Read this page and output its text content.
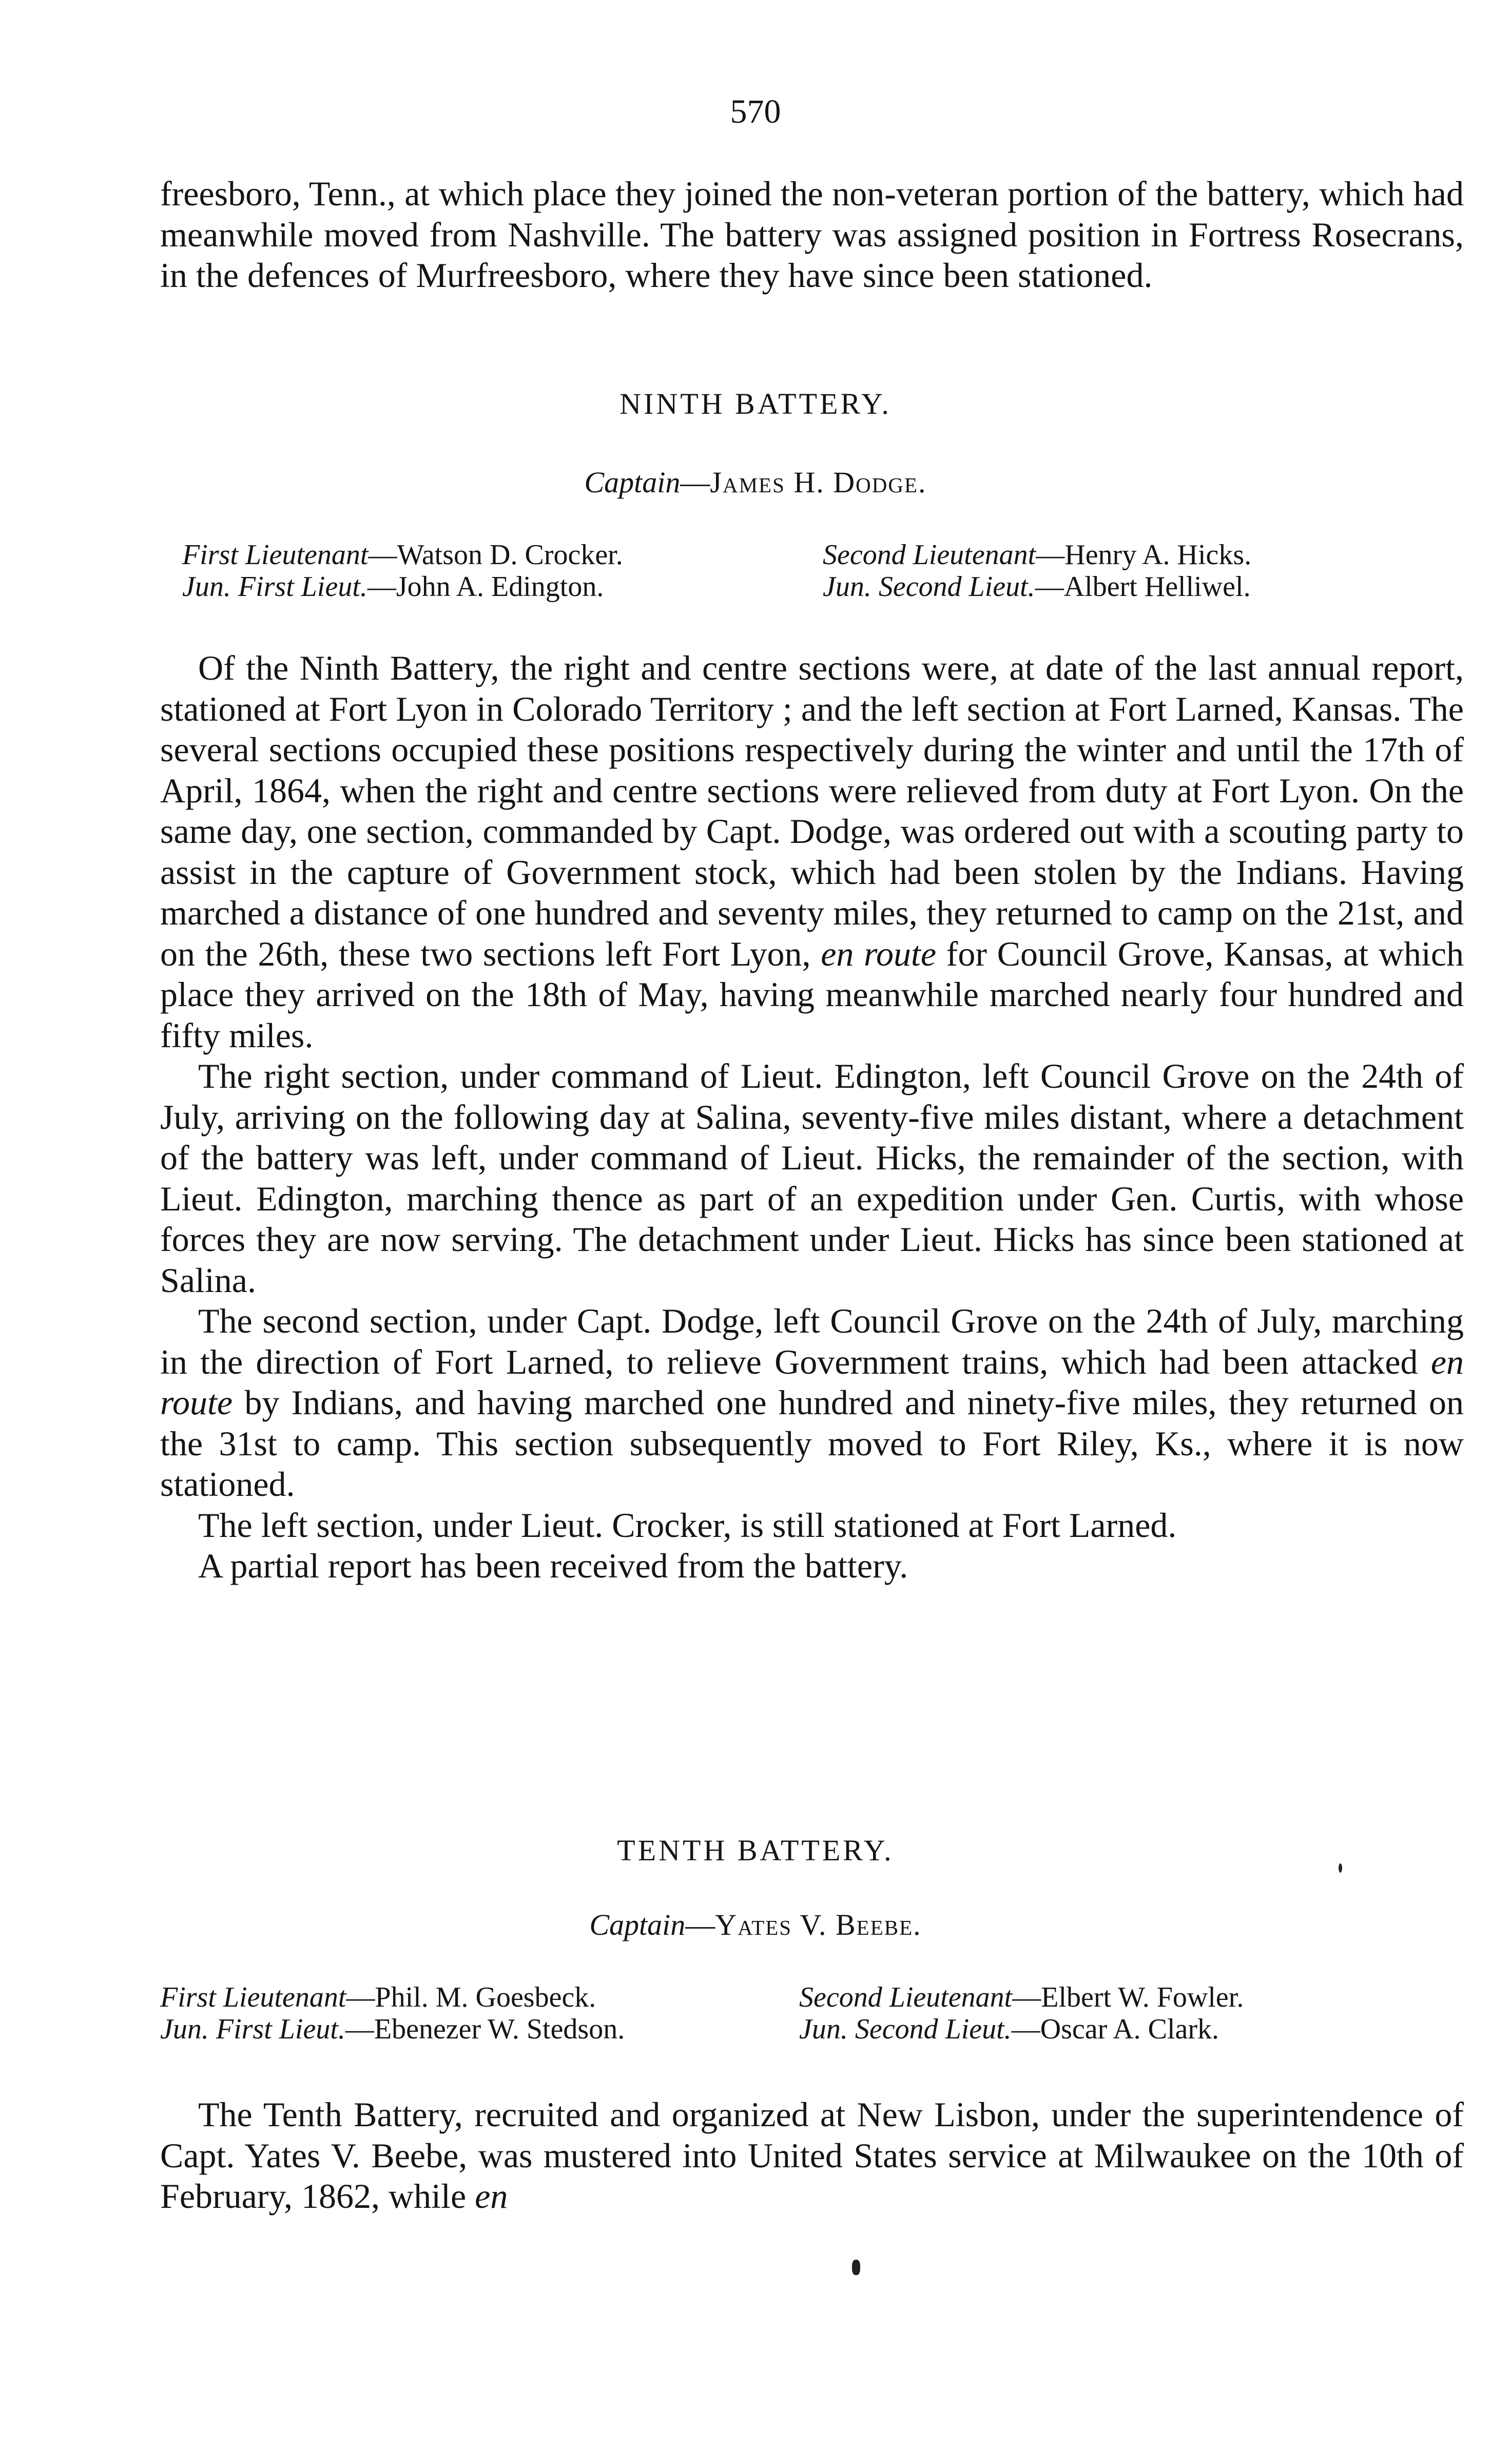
570

freesboro, Tenn., at which place they joined the non-veteran portion of the battery, which had meanwhile moved from Nashville. The battery was assigned position in Fortress Rosecrans, in the defences of Murfreesboro, where they have since been stationed.

NINTH BATTERY.
Captain—James H. Dodge.
First Lieutenant—Watson D. Crocker.	Second Lieutenant—Henry A. Hicks.
Jun. First Lieut.—John A. Edington.	Jun. Second Lieut.—Albert Helliwel.

Of the Ninth Battery, the right and centre sections were, at date of the last annual report, stationed at Fort Lyon in Colorado Territory ; and the left section at Fort Larned, Kansas. The several sections occupied these positions respectively during the winter and until the 17th of April, 1864, when the right and centre sections were relieved from duty at Fort Lyon. On the same day, one section, commanded by Capt. Dodge, was ordered out with a scouting party to assist in the capture of Government stock, which had been stolen by the Indians. Having marched a distance of one hundred and seventy miles, they returned to camp on the 21st, and on the 26th, these two sections left Fort Lyon, en route for Council Grove, Kansas, at which place they arrived on the 18th of May, having meanwhile marched nearly four hundred and fifty miles.

The right section, under command of Lieut. Edington, left Council Grove on the 24th of July, arriving on the following day at Salina, seventy-five miles distant, where a detachment of the battery was left, under command of Lieut. Hicks, the remainder of the section, with Lieut. Edington, marching thence as part of an expedition under Gen. Curtis, with whose forces they are now serving. The detachment under Lieut. Hicks has since been stationed at Salina.

The second section, under Capt. Dodge, left Council Grove on the 24th of July, marching in the direction of Fort Larned, to relieve Government trains, which had been attacked en route by Indians, and having marched one hundred and ninety-five miles, they returned on the 31st to camp. This section subsequently moved to Fort Riley, Ks., where it is now stationed.

The left section, under Lieut. Crocker, is still stationed at Fort Larned.

A partial report has been received from the battery.

TENTH BATTERY.
Captain—Yates V. Beebe.
First Lieutenant—Phil. M. Goesbeck.	Second Lieutenant—Elbert W. Fowler.
Jun. First Lieut.—Ebenezer W. Stedson.	Jun. Second Lieut.—Oscar A. Clark.

The Tenth Battery, recruited and organized at New Lisbon, under the superintendence of Capt. Yates V. Beebe, was mustered into United States service at Milwaukee on the 10th of February, 1862, while en
